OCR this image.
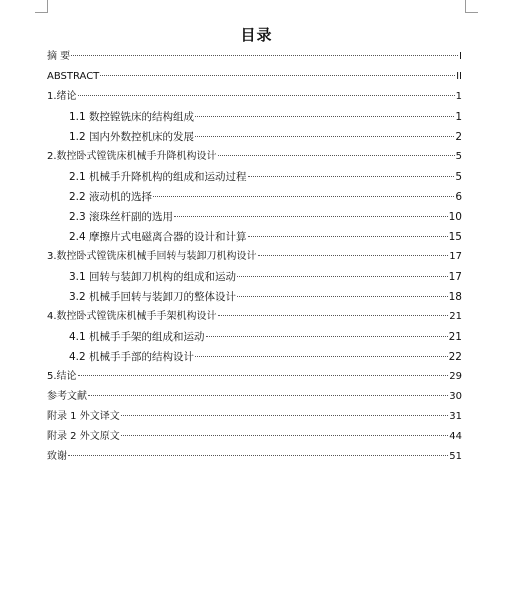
目录
摘 要	I
ABSTRACT	II
1.绪论	1
1.1 数控镗铣床的结构组成	1
1.2 国内外数控机床的发展	2
2.数控卧式镗铣床机械手升降机构设计	5
2.1 机械手升降机构的组成和运动过程	5
2.2 液动机的选择	6
2.3 滚珠丝杆副的选用	10
2.4 摩擦片式电磁离合器的设计和计算	15
3.数控卧式镗铣床机械手回转与装卸刀机构设计	17
3.1 回转与装卸刀机构的组成和运动	17
3.2 机械手回转与装卸刀的整体设计	18
4.数控卧式镗铣床机械手手架机构设计	21
4.1 机械手手架的组成和运动	21
4.2 机械手手部的结构设计	22
5.结论	29
参考文献	30
附录 1 外文译文	31
附录 2 外文原文	44
致谢	51
